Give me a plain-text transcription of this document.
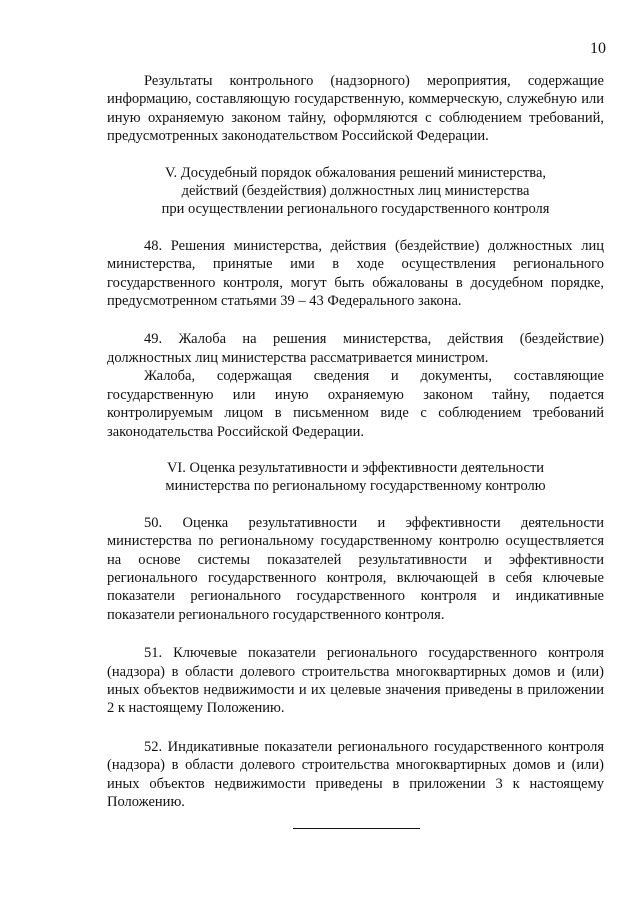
10

Результаты контрольного (надзорного) мероприятия, содержащие информацию, составляющую государственную, коммерческую, служебную или иную охраняемую законом тайну, оформляются с соблюдением требований, предусмотренных законодательством Российской Федерации.

V. Досудебный порядок обжалования решений министерства,
действий (бездействия) должностных лиц министерства
при осуществлении регионального государственного контроля

48. Решения министерства, действия (бездействие) должностных лиц министерства, принятые ими в ходе осуществления регионального государственного контроля, могут быть обжалованы в досудебном порядке, предусмотренном статьями 39 – 43 Федерального закона.

49. Жалоба на решения министерства, действия (бездействие) должностных лиц министерства рассматривается министром.

Жалоба, содержащая сведения и документы, составляющие государственную или иную охраняемую законом тайну, подается контролируемым лицом в письменном виде с соблюдением требований законодательства Российской Федерации.

VI. Оценка результативности и эффективности деятельности
министерства по региональному государственному контролю

50. Оценка результативности и эффективности деятельности министерства по региональному государственному контролю осуществляется на основе системы показателей результативности и эффективности регионального государственного контроля, включающей в себя ключевые показатели регионального государственного контроля и индикативные показатели регионального государственного контроля.

51. Ключевые показатели регионального государственного контроля (надзора) в области долевого строительства многоквартирных домов и (или) иных объектов недвижимости и их целевые значения приведены в приложении 2 к настоящему Положению.

52. Индикативные показатели регионального государственного контроля (надзора) в области долевого строительства многоквартирных домов и (или) иных объектов недвижимости приведены в приложении 3 к настоящему Положению.
